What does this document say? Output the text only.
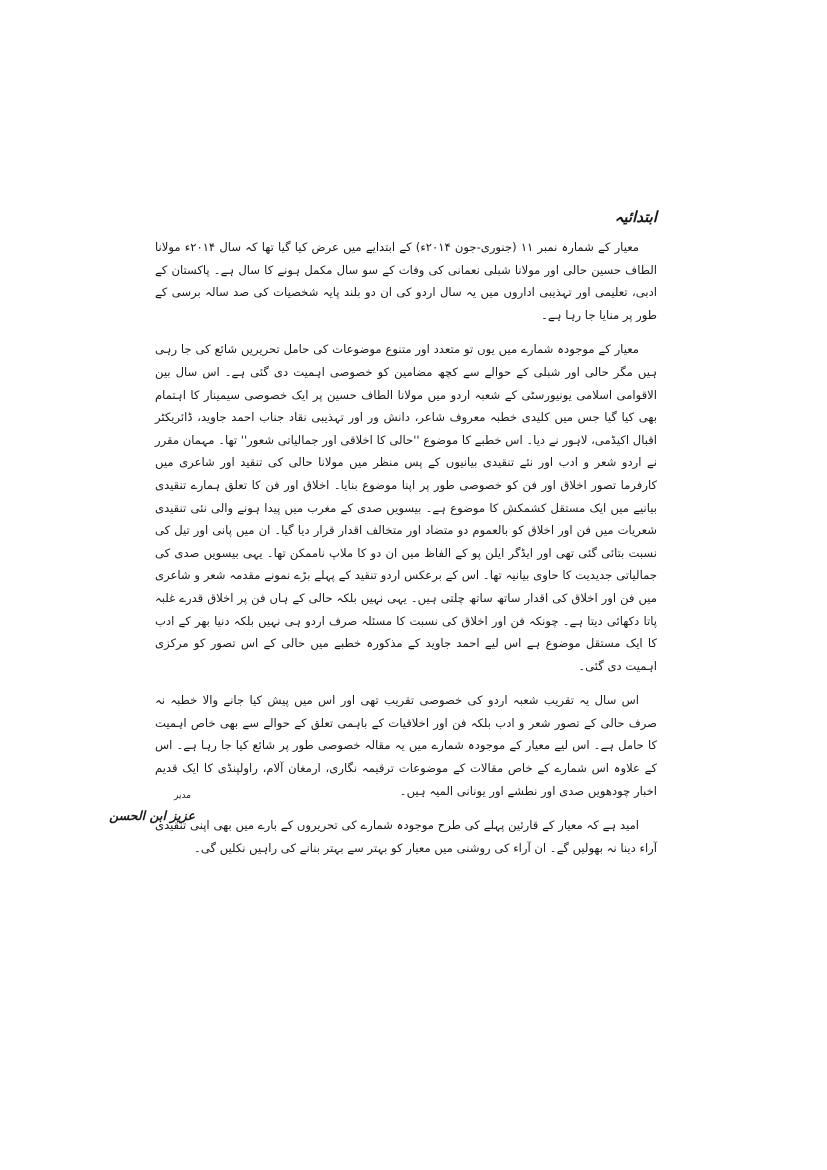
ابتدائیہ

معیار کے شمارہ نمبر ۱۱ (جنوری-جون ۲۰۱۴ء) کے ابتدایے میں عرض کیا گیا تھا کہ سال ۲۰۱۴ء مولانا الطاف حسین حالی اور مولانا شبلی نعمانی کی وفات کے سو سال مکمل ہونے کا سال ہے۔ پاکستان کے ادبی، تعلیمی اور تہذیبی اداروں میں یہ سال اردو کی ان دو بلند پایہ شخصیات کی صد سالہ برسی کے طور پر منایا جا رہا ہے۔

معیار کے موجودہ شمارے میں یوں تو متعدد اور متنوع موضوعات کی حامل تحریریں شائع کی جا رہی ہیں مگر حالی اور شبلی کے حوالے سے کچھ مضامین کو خصوصی اہمیت دی گئی ہے۔ اس سال بین الاقوامی اسلامی یونیورسٹی کے شعبہ اردو میں مولانا الطاف حسین پر ایک خصوصی سیمینار کا اہتمام بھی کیا گیا جس میں کلیدی خطبہ معروف شاعر، دانش ور اور تہذیبی نقاد جناب احمد جاوید، ڈائریکٹر اقبال اکیڈمی، لاہور نے دیا۔ اس خطبے کا موضوع ''حالی کا اخلاقی اور جمالیاتی شعور'' تھا۔ مہمان مقرر نے اردو شعر و ادب اور نئے تنقیدی بیانیوں کے پس منظر میں مولانا حالی کی تنقید اور شاعری میں کارفرما تصور اخلاق اور فن کو خصوصی طور پر اپنا موضوع بنایا۔ اخلاق اور فن کا تعلق ہمارے تنقیدی بیانیے میں ایک مستقل کشمکش کا موضوع ہے۔ بیسویں صدی کے مغرب میں پیدا ہونے والی نئی تنقیدی شعریات میں فن اور اخلاق کو بالعموم دو متضاد اور متخالف اقدار قرار دیا گیا۔ ان میں پانی اور تیل کی نسبت بتائی گئی تھی اور ایڈگر ایلن پو کے الفاظ میں ان دو کا ملاپ ناممکن تھا۔ یہی بیسویں صدی کی جمالیاتی جدیدیت کا حاوی بیانیہ تھا۔ اس کے برعکس اردو تنقید کے پہلے بڑے نمونے مقدمہ شعر و شاعری میں فن اور اخلاق کی اقدار ساتھ ساتھ چلتی ہیں۔ یہی نہیں بلکہ حالی کے ہاں فن پر اخلاق قدرے غلبہ پاتا دکھائی دیتا ہے۔ چونکہ فن اور اخلاق کی نسبت کا مسئلہ صرف اردو ہی نہیں بلکہ دنیا بھر کے ادب کا ایک مستقل موضوع ہے اس لیے احمد جاوید کے مذکورہ خطبے میں حالی کے اس تصور کو مرکزی اہمیت دی گئی۔

اس سال یہ تقریب شعبہ اردو کی خصوصی تقریب تھی اور اس میں پیش کیا جانے والا خطبہ نہ صرف حالی کے تصور شعر و ادب بلکہ فن اور اخلاقیات کے باہمی تعلق کے حوالے سے بھی خاص اہمیت کا حامل ہے۔ اس لیے معیار کے موجودہ شمارے میں یہ مقالہ خصوصی طور پر شائع کیا جا رہا ہے۔ اس کے علاوہ اس شمارے کے خاص مقالات کے موضوعات ترقیمہ نگاری، ارمغان آلام، راولپنڈی کا ایک قدیم اخبار چودھویں صدی اور نطشے اور یونانی المیہ ہیں۔

امید ہے کہ معیار کے قارئین پہلے کی طرح موجودہ شمارے کی تحریروں کے بارے میں بھی اپنی تنقیدی آراء دینا نہ بھولیں گے۔ ان آراء کی روشنی میں معیار کو بہتر سے بہتر بنانے کی راہیں نکلیں گی۔

مدیر
عزیز ابن الحسن
